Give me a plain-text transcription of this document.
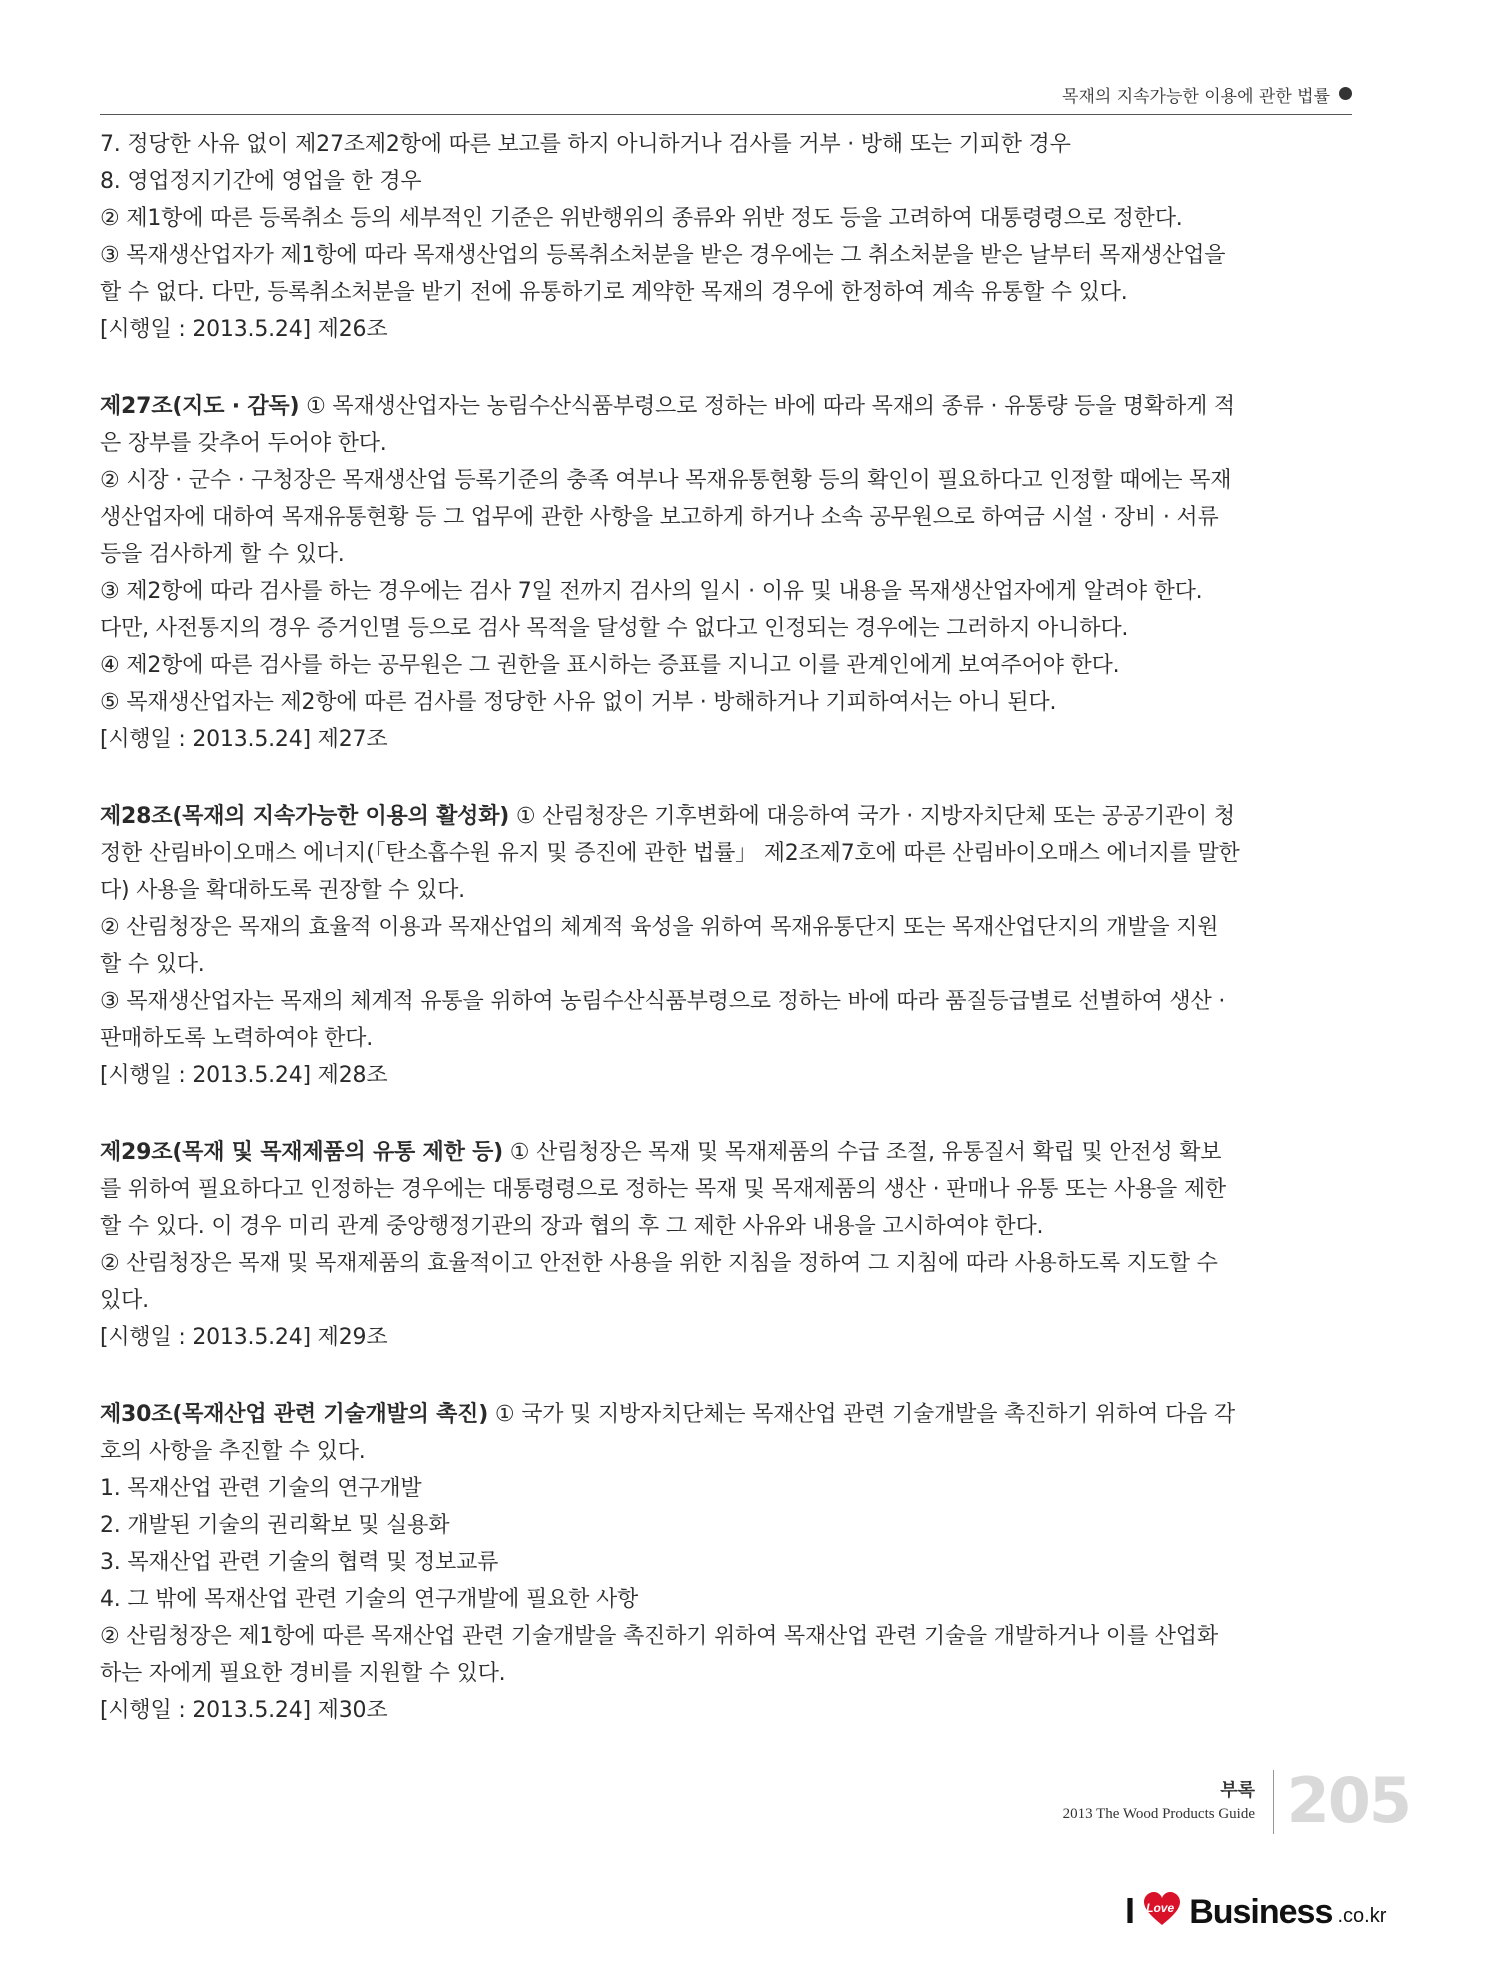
목재의 지속가능한 이용에 관한 법률
7. 정당한 사유 없이 제27조제2항에 따른 보고를 하지 아니하거나 검사를 거부 · 방해 또는 기피한 경우
8. 영업정지기간에 영업을 한 경우
② 제1항에 따른 등록취소 등의 세부적인 기준은 위반행위의 종류와 위반 정도 등을 고려하여 대통령령으로 정한다.
③ 목재생산업자가 제1항에 따라 목재생산업의 등록취소처분을 받은 경우에는 그 취소처분을 받은 날부터 목재생산업을
할 수 없다. 다만, 등록취소처분을 받기 전에 유통하기로 계약한 목재의 경우에 한정하여 계속 유통할 수 있다.
[시행일 : 2013.5.24] 제26조
제27조(지도 · 감독) ① 목재생산업자는 농림수산식품부령으로 정하는 바에 따라 목재의 종류 · 유통량 등을 명확하게 적
은 장부를 갖추어 두어야 한다.
② 시장 · 군수 · 구청장은 목재생산업 등록기준의 충족 여부나 목재유통현황 등의 확인이 필요하다고 인정할 때에는 목재
생산업자에 대하여 목재유통현황 등 그 업무에 관한 사항을 보고하게 하거나 소속 공무원으로 하여금 시설 · 장비 · 서류
등을 검사하게 할 수 있다.
③ 제2항에 따라 검사를 하는 경우에는 검사 7일 전까지 검사의 일시 · 이유 및 내용을 목재생산업자에게 알려야 한다.
다만, 사전통지의 경우 증거인멸 등으로 검사 목적을 달성할 수 없다고 인정되는 경우에는 그러하지 아니하다.
④ 제2항에 따른 검사를 하는 공무원은 그 권한을 표시하는 증표를 지니고 이를 관계인에게 보여주어야 한다.
⑤ 목재생산업자는 제2항에 따른 검사를 정당한 사유 없이 거부 · 방해하거나 기피하여서는 아니 된다.
[시행일 : 2013.5.24] 제27조
제28조(목재의 지속가능한 이용의 활성화) ① 산림청장은 기후변화에 대응하여 국가 · 지방자치단체 또는 공공기관이 청
정한 산림바이오매스 에너지(「탄소흡수원 유지 및 증진에 관한 법률」 제2조제7호에 따른 산림바이오매스 에너지를 말한
다) 사용을 확대하도록 권장할 수 있다.
② 산림청장은 목재의 효율적 이용과 목재산업의 체계적 육성을 위하여 목재유통단지 또는 목재산업단지의 개발을 지원
할 수 있다.
③ 목재생산업자는 목재의 체계적 유통을 위하여 농림수산식품부령으로 정하는 바에 따라 품질등급별로 선별하여 생산 ·
판매하도록 노력하여야 한다.
[시행일 : 2013.5.24] 제28조
제29조(목재 및 목재제품의 유통 제한 등) ① 산림청장은 목재 및 목재제품의 수급 조절, 유통질서 확립 및 안전성 확보
를 위하여 필요하다고 인정하는 경우에는 대통령령으로 정하는 목재 및 목재제품의 생산 · 판매나 유통 또는 사용을 제한
할 수 있다. 이 경우 미리 관계 중앙행정기관의 장과 협의 후 그 제한 사유와 내용을 고시하여야 한다.
② 산림청장은 목재 및 목재제품의 효율적이고 안전한 사용을 위한 지침을 정하여 그 지침에 따라 사용하도록 지도할 수
있다.
[시행일 : 2013.5.24] 제29조
제30조(목재산업 관련 기술개발의 촉진) ① 국가 및 지방자치단체는 목재산업 관련 기술개발을 촉진하기 위하여 다음 각
호의 사항을 추진할 수 있다.
1. 목재산업 관련 기술의 연구개발
2. 개발된 기술의 권리확보 및 실용화
3. 목재산업 관련 기술의 협력 및 정보교류
4. 그 밖에 목재산업 관련 기술의 연구개발에 필요한 사항
② 산림청장은 제1항에 따른 목재산업 관련 기술개발을 촉진하기 위하여 목재산업 관련 기술을 개발하거나 이를 산업화
하는 자에게 필요한 경비를 지원할 수 있다.
[시행일 : 2013.5.24] 제30조
부록
2013 The Wood Products Guide 205
I Love Business .co.kr
